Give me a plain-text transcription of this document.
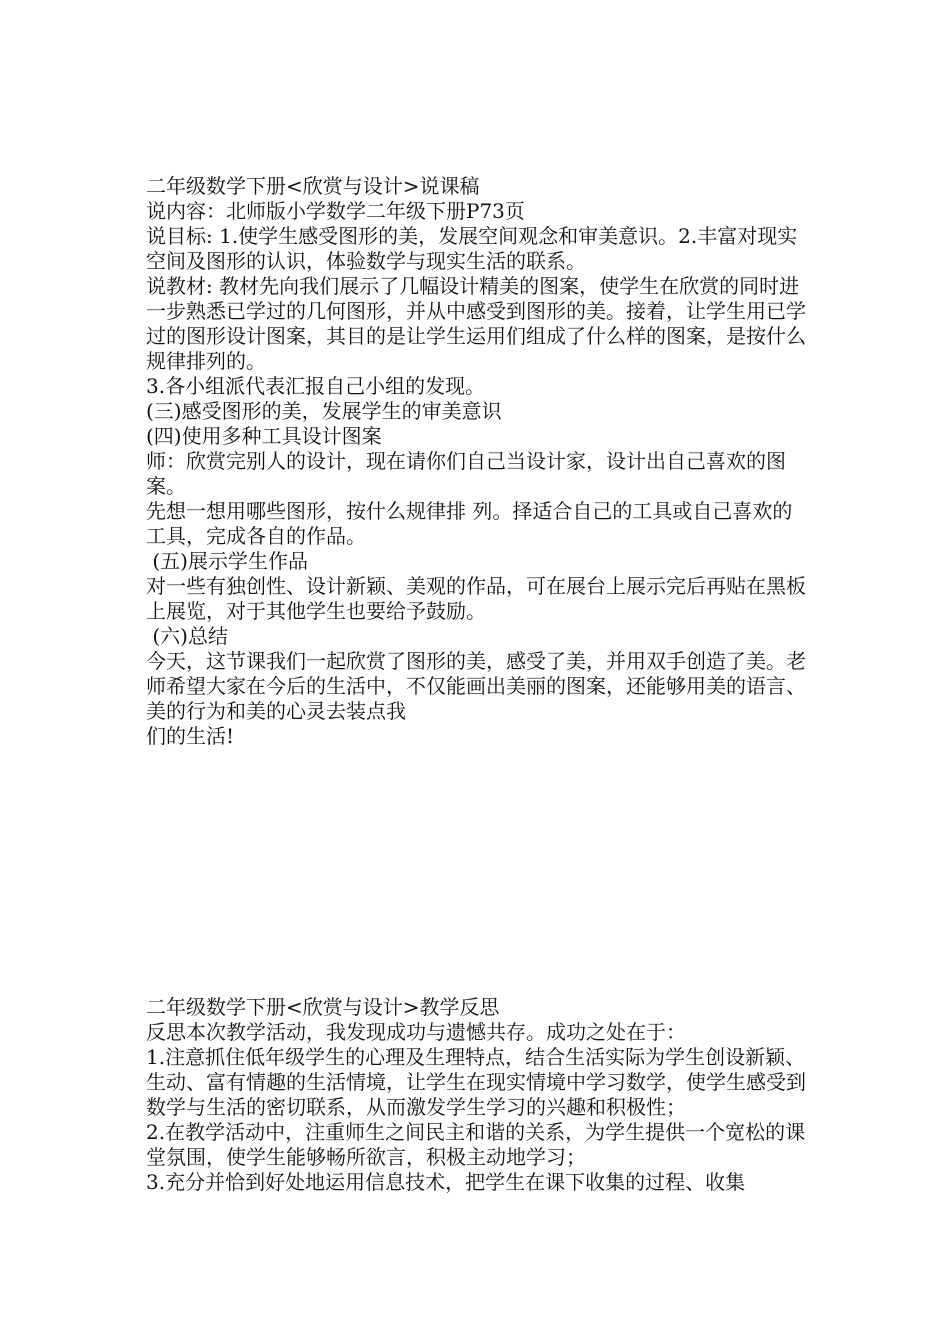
二年级数学下册<欣赏与设计>说课稿

说内容：北师版小学数学二年级下册P73页

说目标: 1.使学生感受图形的美，发展空间观念和审美意识。2.丰富对现实空间及图形的认识，体验数学与现实生活的联系。

说教材: 教材先向我们展示了几幅设计精美的图案，使学生在欣赏的同时进一步熟悉已学过的几何图形，并从中感受到图形的美。接着，让学生用已学过的图形设计图案，其目的是让学生运用们组成了什么样的图案，是按什么规律排列的。

3.各小组派代表汇报自己小组的发现。

(三)感受图形的美，发展学生的审美意识

(四)使用多种工具设计图案

师：欣赏完别人的设计，现在请你们自己当设计家，设计出自己喜欢的图案。

先想一想用哪些图形，按什么规律排 列。择适合自己的工具或自己喜欢的工具，完成各自的作品。

(五)展示学生作品

对一些有独创性、设计新颖、美观的作品，可在展台上展示完后再贴在黑板上展览，对于其他学生也要给予鼓励。

(六)总结

今天，这节课我们一起欣赏了图形的美，感受了美，并用双手创造了美。老师希望大家在今后的生活中，不仅能画出美丽的图案，还能够用美的语言、美的行为和美的心灵去装点我

们的生活!

二年级数学下册<欣赏与设计>教学反思

反思本次教学活动，我发现成功与遗憾共存。成功之处在于：

1.注意抓住低年级学生的心理及生理特点，结合生活实际为学生创设新颖、生动、富有情趣的生活情境，让学生在现实情境中学习数学，使学生感受到数学与生活的密切联系，从而激发学生学习的兴趣和积极性；

2.在教学活动中，注重师生之间民主和谐的关系，为学生提供一个宽松的课堂氛围，使学生能够畅所欲言，积极主动地学习；

3.充分并恰到好处地运用信息技术，把学生在课下收集的过程、收集
